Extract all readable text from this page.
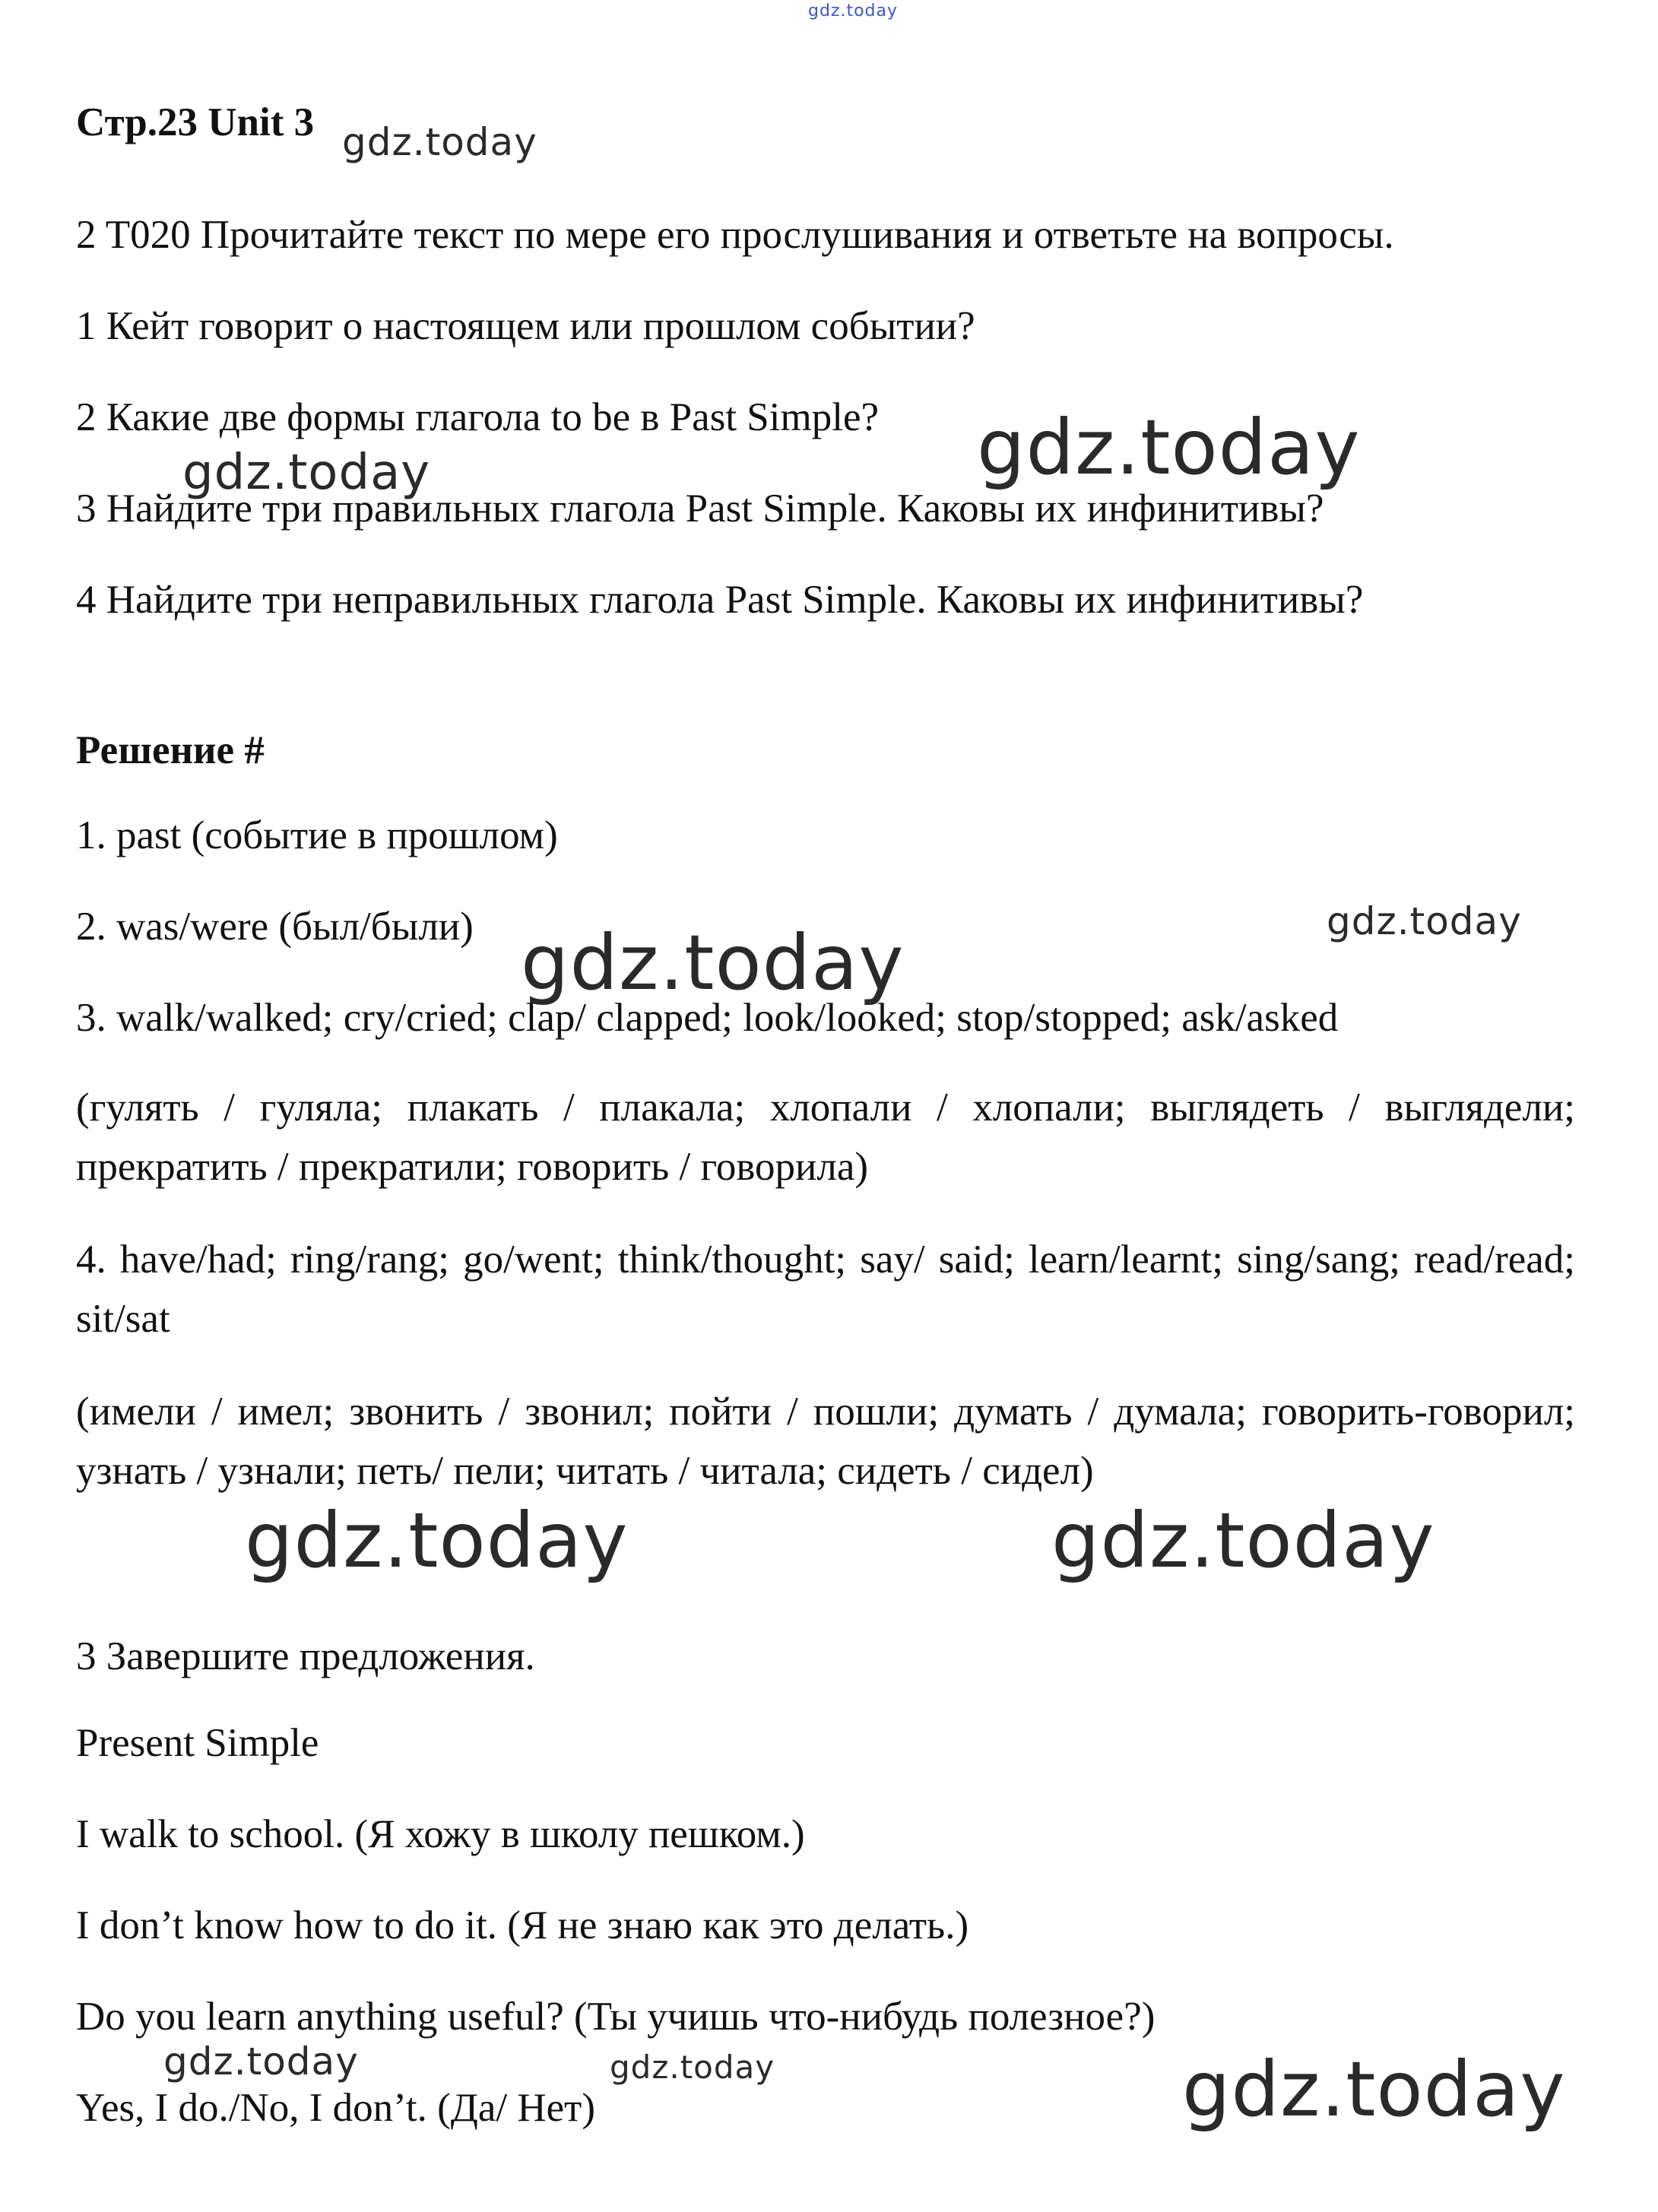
gdz.today
Стр.23 Unit 3
2 T020 Прочитайте текст по мере его прослушивания и ответьте на вопросы.
1 Кейт говорит о настоящем или прошлом событии?
2 Какие две формы глагола to be в Past Simple?
3 Найдите три правильных глагола Past Simple. Каковы их инфинитивы?
4 Найдите три неправильных глагола Past Simple. Каковы их инфинитивы?
Решение #
1. past (событие в прошлом)
2. was/were (был/были)
3. walk/walked; cry/cried; clap/ clapped; look/looked; stop/stopped; ask/asked
(гулять / гуляла; плакать / плакала; хлопали / хлопали; выглядеть / выглядели; прекратить / прекратили; говорить / говорила)
4. have/had; ring/rang; go/went; think/thought; say/ said; learn/learnt; sing/sang; read/read; sit/sat
(имели / имел; звонить / звонил; пойти / пошли; думать / думала; говорить-говорил; узнать / узнали; петь/ пели; читать / читала; сидеть / сидел)
3 Завершите предложения.
Present Simple
I walk to school. (Я хожу в школу пешком.)
I don’t know how to do it. (Я не знаю как это делать.)
Do you learn anything useful? (Ты учишь что-нибудь полезное?)
Yes, I do./No, I don’t. (Да/ Нет)
gdz.today
gdz.today
gdz.today
gdz.today
gdz.today
gdz.today	gdz.today
gdz.today	gdz.today	gdz.today
